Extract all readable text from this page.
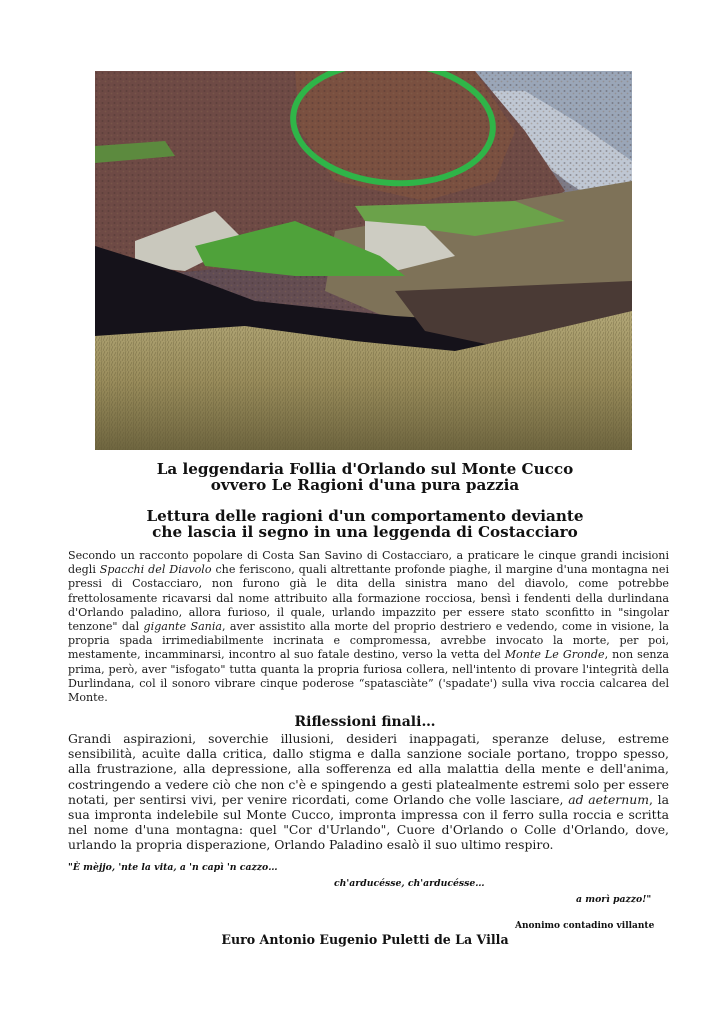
La leggendaria Follia d'Orlando sul Monte Cucco
ovvero Le Ragioni d'una pura pazzia
Lettura delle ragioni d'un comportamento deviante
che lascia il segno in una leggenda di Costacciaro
Secondo un racconto popolare di Costa San Savino di Costacciaro, a praticare le cinque grandi incisioni degli Spacchi del Diavolo che feriscono, quali altrettante profonde piaghe, il margine d'una montagna nei pressi di Costacciaro, non furono già le dita della sinistra mano del diavolo, come potrebbe frettolosamente ricavarsi dal nome attribuito alla formazione rocciosa, bensì i fendenti della durlindana d'Orlando paladino, allora furioso, il quale, urlando impazzito per essere stato sconfitto in "singolar tenzone" dal gigante Sania, aver assistito alla morte del proprio destriero e vedendo, come in visione, la propria spada irrimediabilmente incrinata e compromessa, avrebbe invocato la morte, per poi, mestamente, incamminarsi, incontro al suo fatale destino, verso la vetta del Monte Le Gronde, non senza prima, però, aver "isfogato" tutta quanta la propria furiosa collera, nell'intento di provare l'integrità della Durlindana, col il sonoro vibrare cinque poderose “spatasciàte” ('spadate') sulla viva roccia calcarea del Monte.
Riflessioni finali…
Grandi aspirazioni, soverchie illusioni, desideri inappagati, speranze deluse, estreme sensibilità, acuìte dalla critica, dallo stigma e dalla sanzione sociale portano, troppo spesso, alla frustrazione, alla depressione, alla sofferenza ed alla malattia della mente e dell'anima, costringendo a vedere ciò che non c'è e spingendo a gesti platealmente estremi solo per essere notati, per sentirsi vivi, per venire ricordati, come Orlando che volle lasciare, ad aeternum, la sua impronta indelebile sul Monte Cucco, impronta impressa con il ferro sulla roccia e scritta nel nome d'una montagna: quel "Cor d'Urlando", Cuore d'Orlando o Colle d'Orlando, dove, urlando la propria disperazione, Orlando Paladino esalò il suo ultimo respiro.
"È mèjjo, 'nte la vita, a 'n capì 'n cazzo…
ch'arducésse, ch'arducésse…
a morì pazzo!"
Anonimo contadino villante
Euro Antonio Eugenio Puletti de La Villa
